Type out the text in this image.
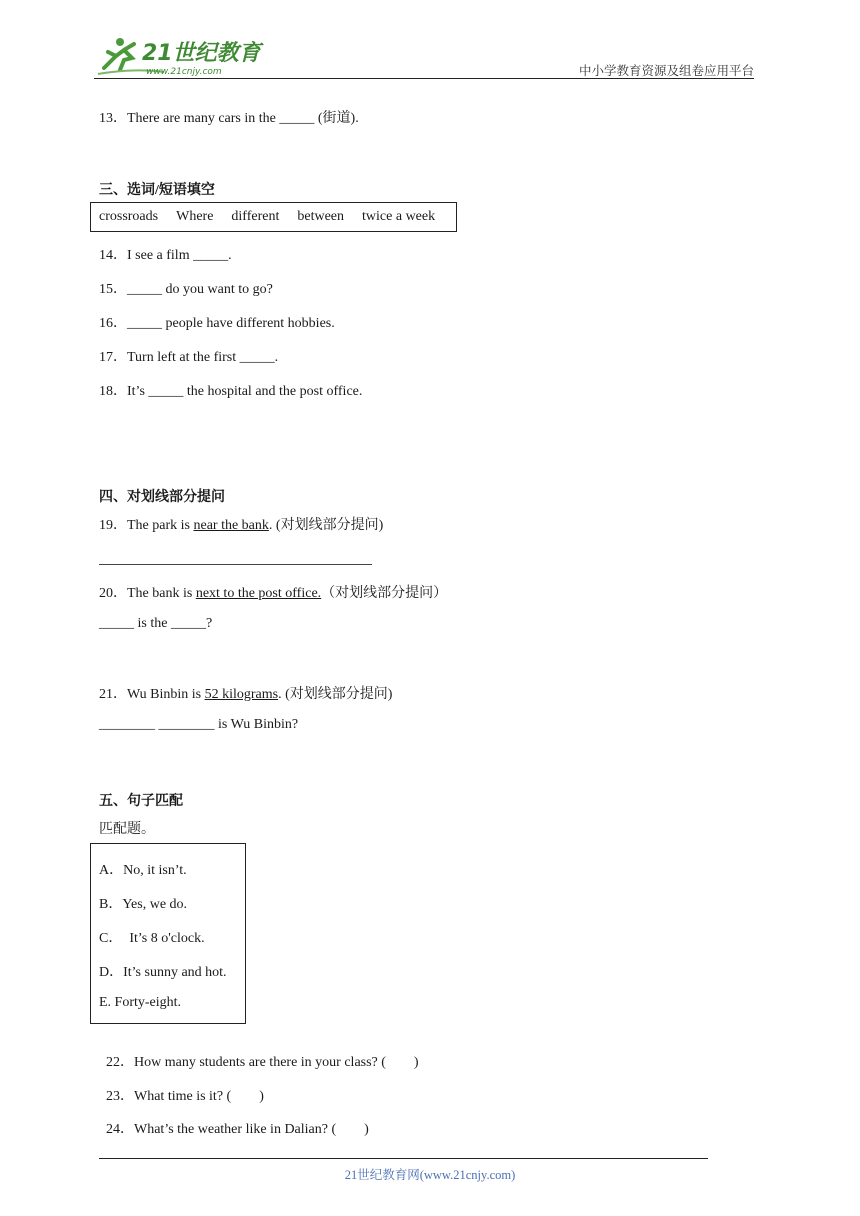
21世纪教育
www.21cnjy.com	中小学教育资源及组卷应用平台
13．There are many cars in the _____ (街道).
三、选词/短语填空
crossroads Where different between twice a week
14．I see a film _____.
15．_____ do you want to go?
16．_____ people have different hobbies.
17．Turn left at the first _____.
18．It’s _____ the hospital and the post office.
四、对划线部分提问
19．The park is near the bank. (对划线部分提问)
20．The bank is next to the post office.（对划线部分提问）
_____ is the _____?
21．Wu Binbin is 52 kilograms. (对划线部分提问)
________ ________ is Wu Binbin?
五、句子匹配
匹配题。
A．No, it isn’t.
B．Yes, we do.
C．  It’s 8 o'clock.
D．It’s sunny and hot.
E. Forty-eight.

22．How many students are there in your class? (        )

23．What time is it? (        )

24．What’s the weather like in Dalian? (        )

21世纪教育网(www.21cnjy.com)
